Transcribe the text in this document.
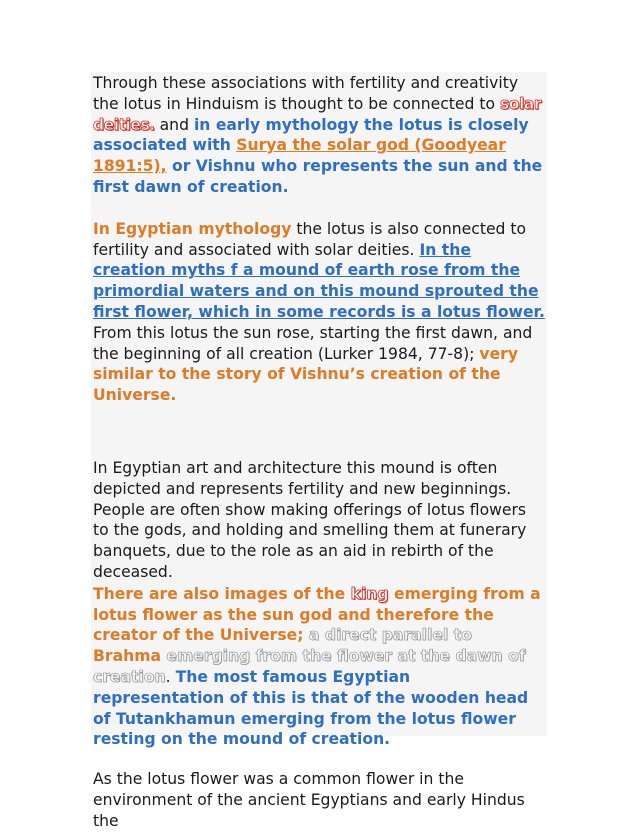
Through these associations with fertility and creativity the lotus in Hinduism is thought to be connected to solar deities. and in early mythology the lotus is closely associated with Surya the solar god (Goodyear 1891:5), or Vishnu who represents the sun and the first dawn of creation.

In Egyptian mythology the lotus is also connected to fertility and associated with solar deities. In the creation myths f a mound of earth rose from the primordial waters and on this mound sprouted the first flower, which in some records is a lotus flower. From this lotus the sun rose, starting the first dawn, and the beginning of all creation (Lurker 1984, 77-8); very similar to the story of Vishnu’s creation of the Universe.

In Egyptian art and architecture this mound is often depicted and represents fertility and new beginnings. People are often show making offerings of lotus flowers to the gods, and holding and smelling them at funerary banquets, due to the role as an aid in rebirth of the deceased.

There are also images of the king emerging from a lotus flower as the sun god and therefore the creator of the Universe; a direct parallel to Brahma emerging from the flower at the dawn of creation. The most famous Egyptian representation of this is that of the wooden head of Tutankhamun emerging from the lotus flower resting on the mound of creation.

As the lotus flower was a common flower in the environment of the ancient Egyptians and early Hindus the
